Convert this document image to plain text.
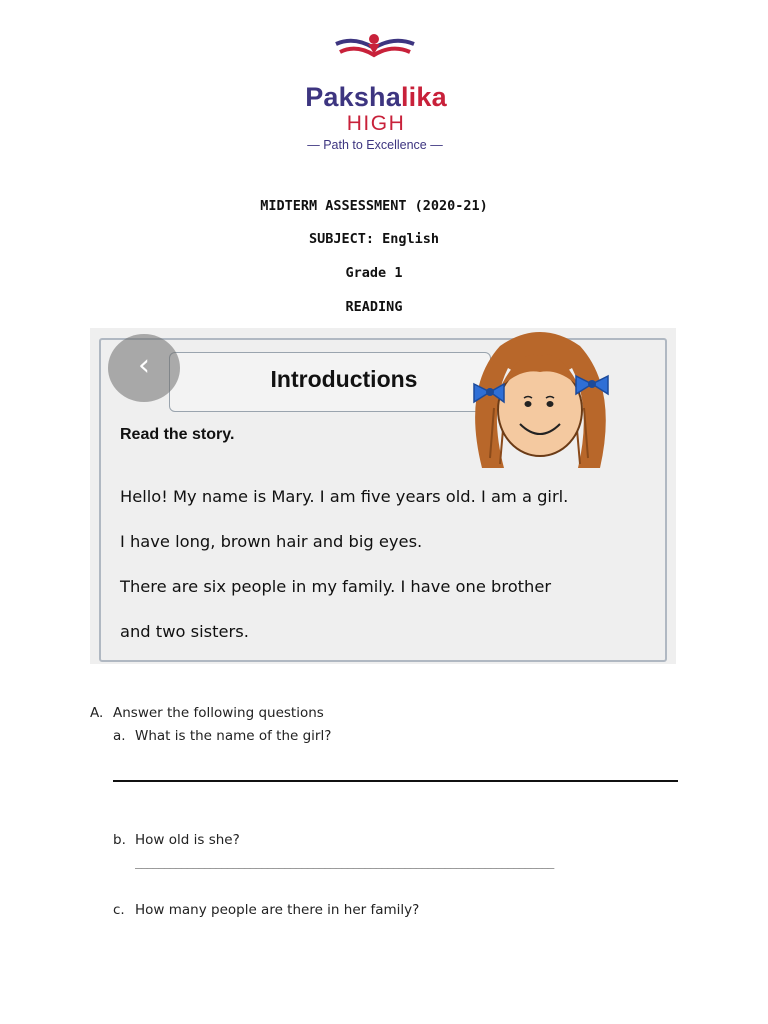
Pakshalika
HIGH
— Path to Excellence —
MIDTERM ASSESSMENT (2020-21)
SUBJECT: English
Grade 1
READING
Introductions
‹
Read the story.

Hello! My name is Mary. I am five years old. I am a girl.

I have long, brown hair and big eyes.

There are six people in my family. I have one brother

and two sisters.

A. Answer the following questions
a. What is the name of the girl?
b. How old is she?
_________________________________________________________________________
c. How many people are there in her family?
